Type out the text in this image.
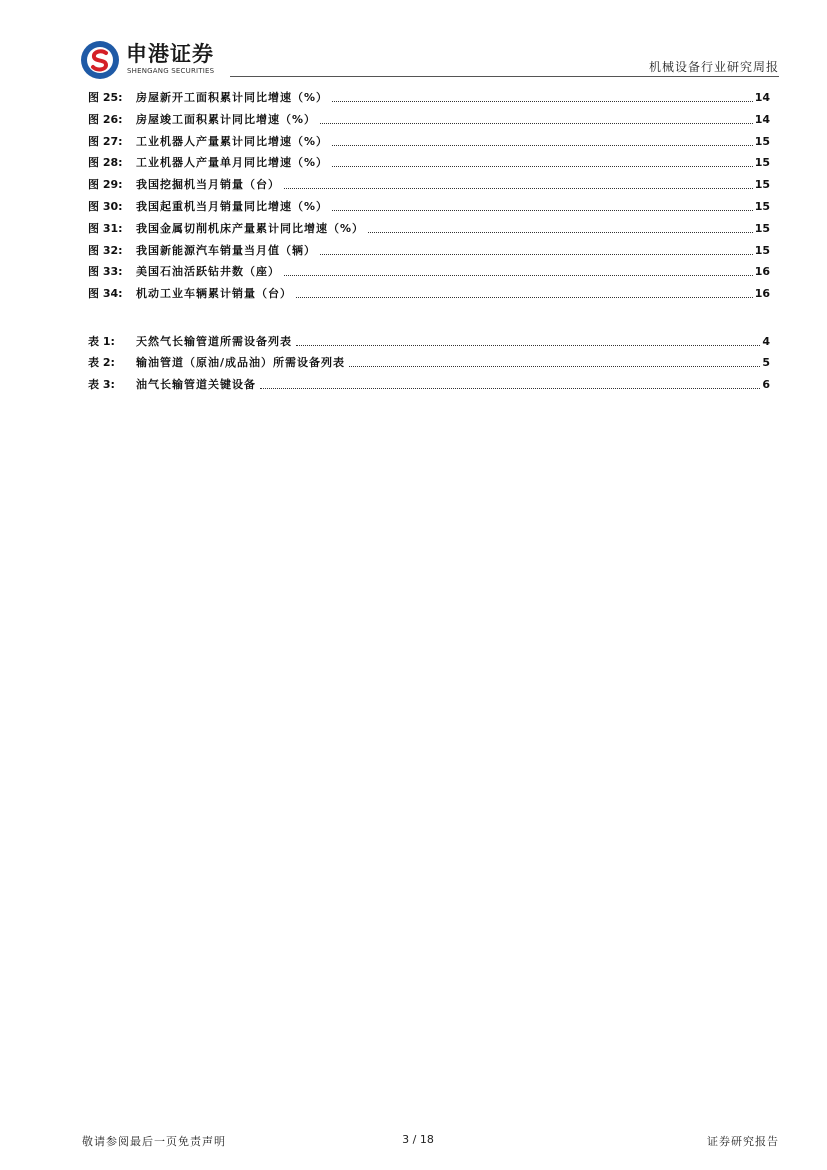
申港证券
SHENGANG SECURITIES	机械设备行业研究周报
图 25:	房屋新开工面积累计同比增速（%）	14
图 26:	房屋竣工面积累计同比增速（%）	14
图 27:	工业机器人产量累计同比增速（%）	15
图 28:	工业机器人产量单月同比增速（%）	15
图 29:	我国挖掘机当月销量（台）	15
图 30:	我国起重机当月销量同比增速（%）	15
图 31:	我国金属切削机床产量累计同比增速（%）	15
图 32:	我国新能源汽车销量当月值（辆）	15
图 33:	美国石油活跃钻井数（座）	16
图 34:	机动工业车辆累计销量（台）	16
表 1:	天然气长输管道所需设备列表	4
表 2:	输油管道（原油/成品油）所需设备列表	5
表 3:	油气长输管道关键设备	6
敬请参阅最后一页免责声明	3 / 18	证券研究报告
